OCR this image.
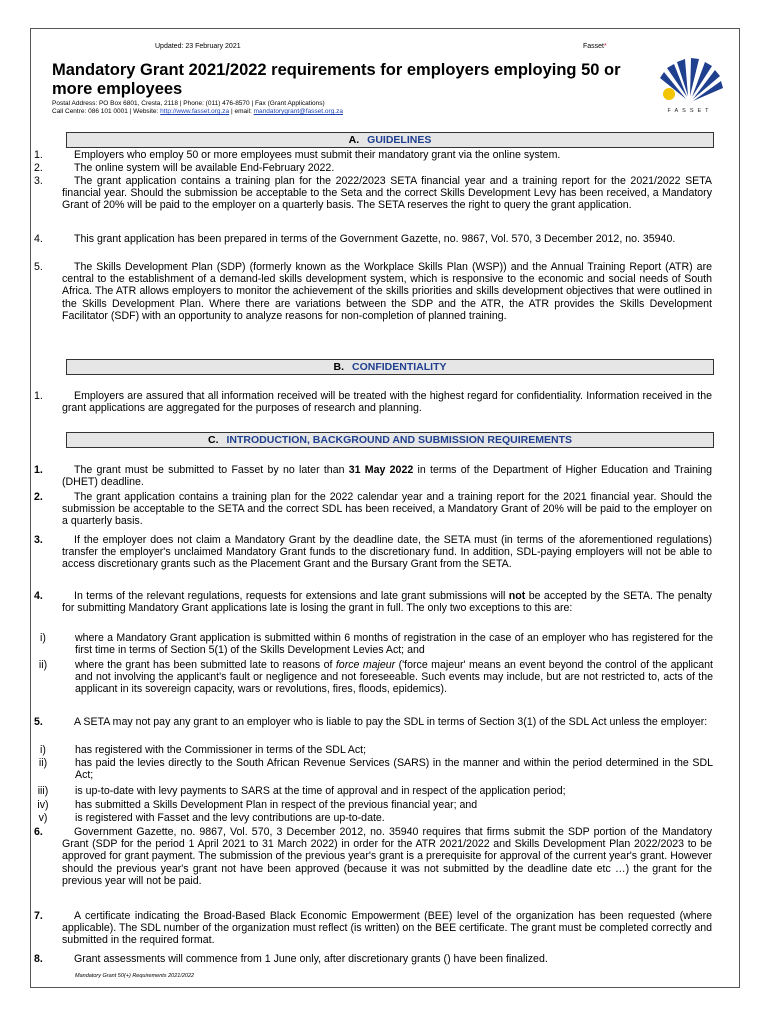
Updated: 23 February 2021	Fasset*
Mandatory Grant 2021/2022 requirements for employers employing 50 or more employees
Postal Address: PO Box 6801, Cresta, 2118 | Phone: (011) 476-8570 | Fax (Grant Applications)
Call Centre: 086 101 0001 | Website: http://www.fasset.org.za | email: mandatorygrant@fasset.org.za	FASSET
A. GUIDELINES
1.	Employers who employ 50 or more employees must submit their mandatory grant via the online system.
2.	The online system will be available End-February 2022.
3.	The grant application contains a training plan for the 2022/2023 SETA financial year and a training report for the 2021/2022 SETA financial year. Should the submission be acceptable to the Seta and the correct Skills Development Levy has been received, a Mandatory Grant of 20% will be paid to the employer on a quarterly basis. The SETA reserves the right to query the grant application.
4.	This grant application has been prepared in terms of the Government Gazette, no. 9867, Vol. 570, 3 December 2012, no. 35940.
5.	The Skills Development Plan (SDP) (formerly known as the Workplace Skills Plan (WSP)) and the Annual Training Report (ATR) are central to the establishment of a demand-led skills development system, which is responsive to the economic and social needs of South Africa. The ATR allows employers to monitor the achievement of the skills priorities and skills development objectives that were outlined in the Skills Development Plan. Where there are variations between the SDP and the ATR, the ATR provides the Skills Development Facilitator (SDF) with an opportunity to analyze reasons for non-completion of planned training.
B. CONFIDENTIALITY
1.	Employers are assured that all information received will be treated with the highest regard for confidentiality. Information received in the grant applications are aggregated for the purposes of research and planning.
C. INTRODUCTION, BACKGROUND AND SUBMISSION REQUIREMENTS
1.	The grant must be submitted to Fasset by no later than 31 May 2022 in terms of the Department of Higher Education and Training (DHET) deadline.
2.	The grant application contains a training plan for the 2022 calendar year and a training report for the 2021 financial year. Should the submission be acceptable to the SETA and the correct SDL has been received, a Mandatory Grant of 20% will be paid to the employer on a quarterly basis.
3.	If the employer does not claim a Mandatory Grant by the deadline date, the SETA must (in terms of the aforementioned regulations) transfer the employer's unclaimed Mandatory Grant funds to the discretionary fund. In addition, SDL-paying employers will not be able to access discretionary grants such as the Placement Grant and the Bursary Grant from the SETA.
4.	In terms of the relevant regulations, requests for extensions and late grant submissions will not be accepted by the SETA. The penalty for submitting Mandatory Grant applications late is losing the grant in full. The only two exceptions to this are:
i)	where a Mandatory Grant application is submitted within 6 months of registration in the case of an employer who has registered for the first time in terms of Section 5(1) of the Skills Development Levies Act; and
ii)	where the grant has been submitted late to reasons of force majeur ('force majeur' means an event beyond the control of the applicant and not involving the applicant's fault or negligence and not foreseeable. Such events may include, but are not restricted to, acts of the applicant in its sovereign capacity, wars or revolutions, fires, floods, epidemics).
5.	A SETA may not pay any grant to an employer who is liable to pay the SDL in terms of Section 3(1) of the SDL Act unless the employer:
i)	has registered with the Commissioner in terms of the SDL Act;
ii)	has paid the levies directly to the South African Revenue Services (SARS) in the manner and within the period determined in the SDL Act;
iii)	is up-to-date with levy payments to SARS at the time of approval and in respect of the application period;
iv)	has submitted a Skills Development Plan in respect of the previous financial year; and
v)	is registered with Fasset and the levy contributions are up-to-date.
6.	Government Gazette, no. 9867, Vol. 570, 3 December 2012, no. 35940 requires that firms submit the SDP portion of the Mandatory Grant (SDP for the period 1 April 2021 to 31 March 2022) in order for the ATR 2021/2022 and Skills Development Plan 2022/2023 to be approved for grant payment. The submission of the previous year's grant is a prerequisite for approval of the current year's grant. However should the previous year's grant not have been approved (because it was not submitted by the deadline date etc …) the grant for the previous year will not be paid.
7.	A certificate indicating the Broad-Based Black Economic Empowerment (BEE) level of the organization has been requested (where applicable). The SDL number of the organization must reflect (is written) on the BEE certificate. The grant must be completed correctly and submitted in the required format.
8.	Grant assessments will commence from 1 June only, after discretionary grants () have been finalized.
Mandatory Grant 50(+) Requirements 2021/2022
